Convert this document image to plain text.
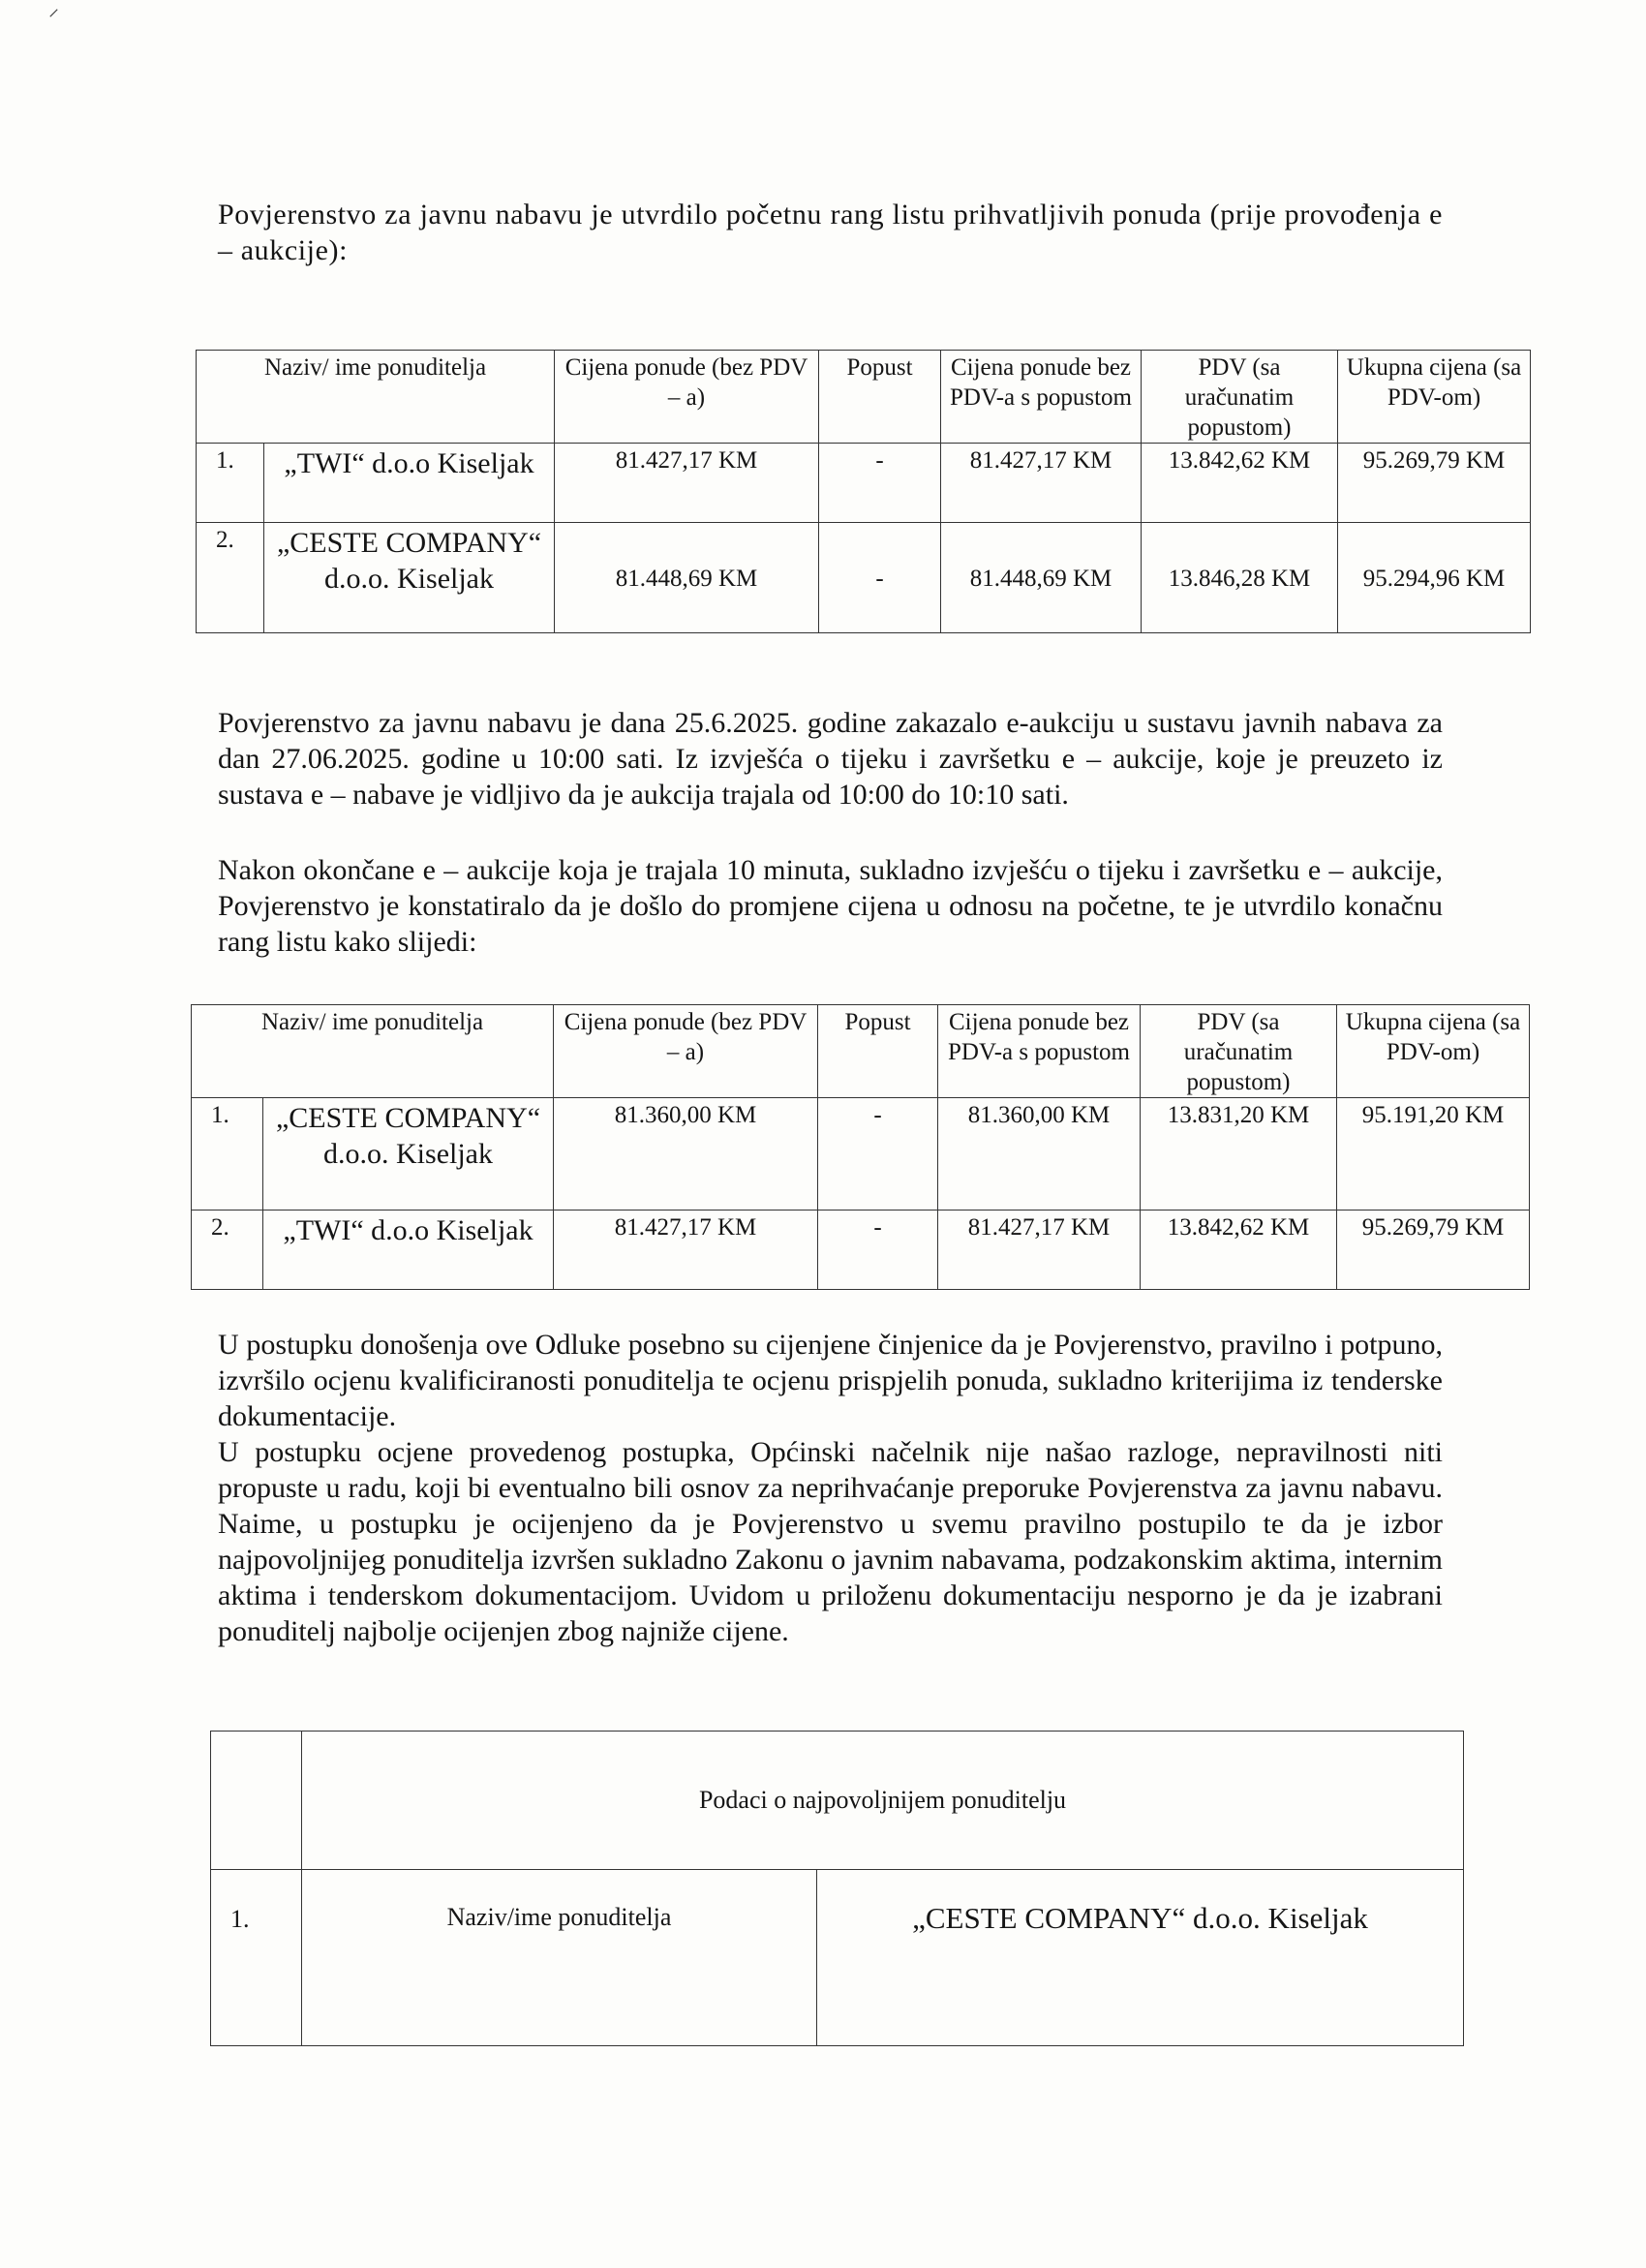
Povjerenstvo za javnu nabavu je utvrdilo početnu rang listu prihvatljivih ponuda (prije provođenja e – aukcije):

Naziv/ ime ponuditelja		Cijena ponude (bez PDV – a)	Popust	Cijena ponude bez PDV-a s popustom	PDV (sa uračunatim popustom)	Ukupna cijena (sa PDV-om)
1.	„TWI“ d.o.o Kiseljak	81.427,17 KM	-	81.427,17 KM	13.842,62 KM	95.269,79 KM
2.	„CESTE COMPANY“ d.o.o. Kiseljak	81.448,69 KM	-	81.448,69 KM	13.846,28 KM	95.294,96 KM

Povjerenstvo za javnu nabavu je dana 25.6.2025. godine zakazalo e-aukciju u sustavu javnih nabava za dan 27.06.2025. godine u 10:00 sati. Iz izvješća o tijeku i završetku e – aukcije, koje je preuzeto iz sustava e – nabave je vidljivo da je aukcija trajala od 10:00 do 10:10 sati.

Nakon okončane e – aukcije koja je trajala 10 minuta, sukladno izvješću o tijeku i završetku e – aukcije, Povjerenstvo je konstatiralo da je došlo do promjene cijena u odnosu na početne, te je utvrdilo konačnu rang listu kako slijedi:

Naziv/ ime ponuditelja		Cijena ponude (bez PDV – a)	Popust	Cijena ponude bez PDV-a s popustom	PDV (sa uračunatim popustom)	Ukupna cijena (sa PDV-om)
1.	„CESTE COMPANY“ d.o.o. Kiseljak	81.360,00 KM	-	81.360,00 KM	13.831,20 KM	95.191,20 KM
2.	„TWI“ d.o.o Kiseljak	81.427,17 KM	-	81.427,17 KM	13.842,62 KM	95.269,79 KM

U postupku donošenja ove Odluke posebno su cijenjene činjenice da je Povjerenstvo, pravilno i potpuno, izvršilo ocjenu kvalificiranosti ponuditelja te ocjenu prispjelih ponuda, sukladno kriterijima iz tenderske dokumentacije.

U postupku ocjene provedenog postupka, Općinski načelnik nije našao razloge, nepravilnosti niti propuste u radu, koji bi eventualno bili osnov za neprihvaćanje preporuke Povjerenstva za javnu nabavu. Naime, u postupku je ocijenjeno da je Povjerenstvo u svemu pravilno postupilo te da je izbor najpovoljnijeg ponuditelja izvršen sukladno Zakonu o javnim nabavama, podzakonskim aktima, internim aktima i tenderskom dokumentacijom. Uvidom u priloženu dokumentaciju nesporno je da je izabrani ponuditelj najbolje ocijenjen zbog najniže cijene.

	Podaci o najpovoljnijem ponuditelju	
1.	Naziv/ime ponuditelja	„CESTE COMPANY“ d.o.o. Kiseljak
⸍
